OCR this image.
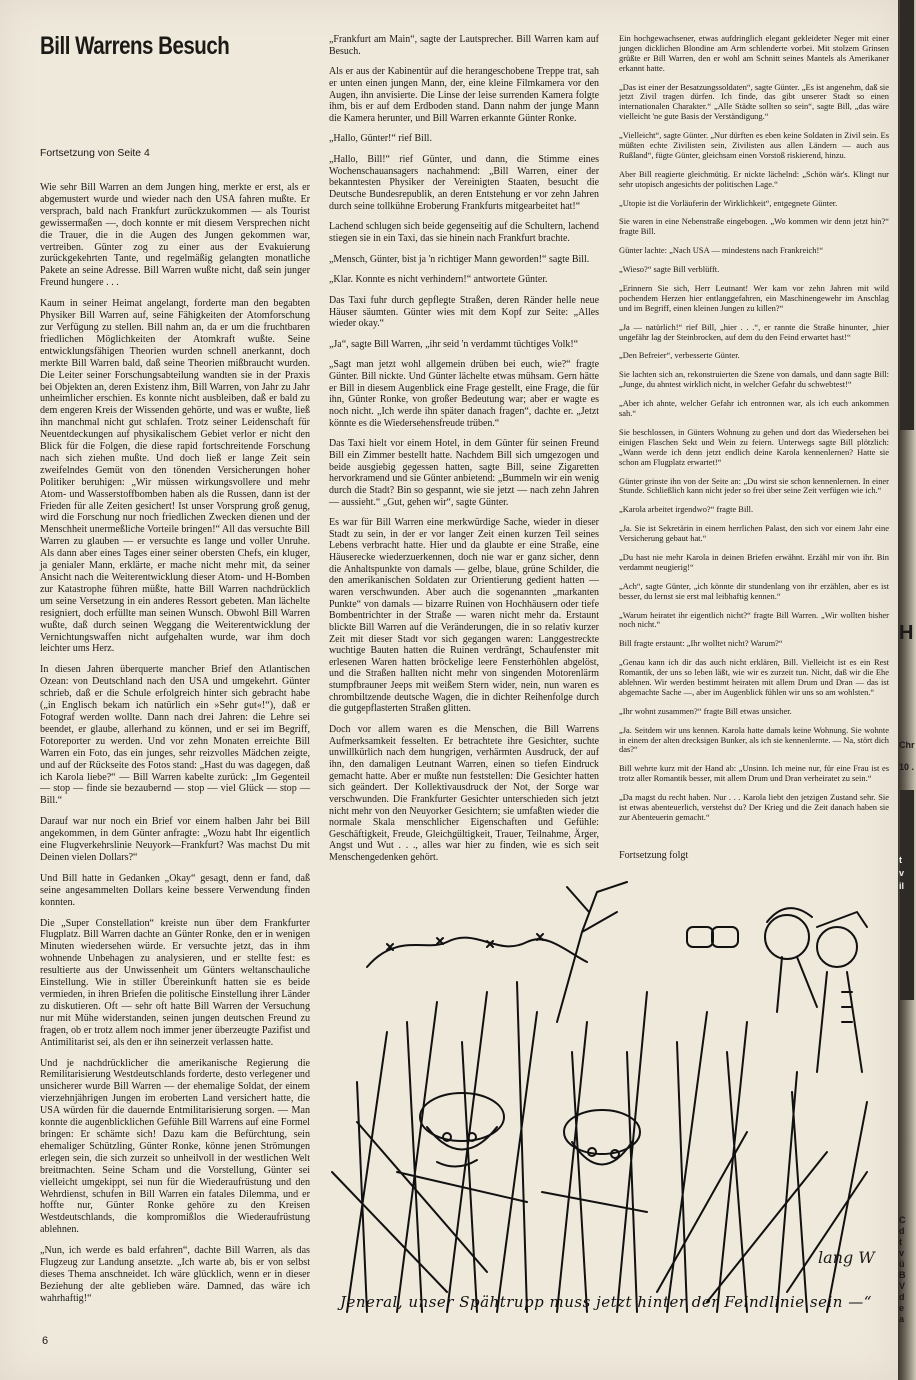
Bill Warrens Besuch
Fortsetzung von Seite 4

Wie sehr Bill Warren an dem Jungen hing, merkte er erst, als er abgemustert wurde und wieder nach den USA fahren mußte. Er versprach, bald nach Frankfurt zurückzukommen — als Tourist gewissermaßen —, doch konnte er mit diesem Versprechen nicht die Trauer, die in die Augen des Jungen gekommen war, vertreiben. Günter zog zu einer aus der Evakuierung zurückgekehrten Tante, und regelmäßig gelangten monatliche Pakete an seine Adresse. Bill Warren wußte nicht, daß sein junger Freund hungere . . .

Kaum in seiner Heimat angelangt, forderte man den begabten Physiker Bill Warren auf, seine Fähigkeiten der Atomforschung zur Verfügung zu stellen. Bill nahm an, da er um die fruchtbaren friedlichen Möglichkeiten der Atomkraft wußte. Seine entwicklungsfähigen Theorien wurden schnell anerkannt, doch merkte Bill Warren bald, daß seine Theorien mißbraucht wurden. Die Leiter seiner Forschungsabteilung wandten sie in der Praxis bei Objekten an, deren Existenz ihm, Bill Warren, von Jahr zu Jahr unheimlicher erschien. Es konnte nicht ausbleiben, daß er bald zu dem engeren Kreis der Wissenden gehörte, und was er wußte, ließ ihn manchmal nicht gut schlafen. Trotz seiner Leidenschaft für Neuentdeckungen auf physikalischem Gebiet verlor er nicht den Blick für die Folgen, die diese rapid fortschreitende Forschung nach sich ziehen mußte. Und doch ließ er lange Zeit sein zweifelndes Gemüt von den tönenden Versicherungen hoher Politiker beruhigen: „Wir müssen wirkungsvollere und mehr Atom- und Wasserstoffbomben haben als die Russen, dann ist der Frieden für alle Zeiten gesichert! Ist unser Vorsprung groß genug, wird die Forschung nur noch friedlichen Zwecken dienen und der Menschheit unermeßliche Vorteile bringen!“ All das versuchte Bill Warren zu glauben — er versuchte es lange und voller Unruhe. Als dann aber eines Tages einer seiner obersten Chefs, ein kluger, ja genialer Mann, erklärte, er mache nicht mehr mit, da seiner Ansicht nach die Weiterentwicklung dieser Atom- und H-Bomben zur Katastrophe führen müßte, hatte Bill Warren nachdrücklich um seine Versetzung in ein anderes Ressort gebeten. Man lächelte resigniert, doch erfüllte man seinen Wunsch. Obwohl Bill Warren wußte, daß durch seinen Weggang die Weiterentwicklung der Vernichtungswaffen nicht aufgehalten wurde, war ihm doch leichter ums Herz.

In diesen Jahren überquerte mancher Brief den Atlantischen Ozean: von Deutschland nach den USA und umgekehrt. Günter schrieb, daß er die Schule erfolgreich hinter sich gebracht habe („in Englisch bekam ich natürlich ein »Sehr gut«!“), daß er Fotograf werden wollte. Dann nach drei Jahren: die Lehre sei beendet, er glaube, allerhand zu können, und er sei im Begriff, Fotoreporter zu werden. Und vor zehn Monaten erreichte Bill Warren ein Foto, das ein junges, sehr reizvolles Mädchen zeigte, und auf der Rückseite des Fotos stand: „Hast du was dagegen, daß ich Karola liebe?“ — Bill Warren kabelte zurück: „Im Gegenteil — stop — finde sie bezaubernd — stop — viel Glück — stop — Bill.“

Darauf war nur noch ein Brief vor einem halben Jahr bei Bill angekommen, in dem Günter anfragte: „Wozu habt Ihr eigentlich eine Flugverkehrslinie Neuyork—Frankfurt? Was machst Du mit Deinen vielen Dollars?“

Und Bill hatte in Gedanken „Okay“ gesagt, denn er fand, daß seine angesammelten Dollars keine bessere Verwendung finden konnten.

Die „Super Constellation“ kreiste nun über dem Frankfurter Flugplatz. Bill Warren dachte an Günter Ronke, den er in wenigen Minuten wiedersehen würde. Er versuchte jetzt, das in ihm wohnende Unbehagen zu analysieren, und er stellte fest: es resultierte aus der Unwissenheit um Günters weltanschauliche Einstellung. Wie in stiller Übereinkunft hatten sie es beide vermieden, in ihren Briefen die politische Einstellung ihrer Länder zu diskutieren. Oft — sehr oft hatte Bill Warren der Versuchung nur mit Mühe widerstanden, seinen jungen deutschen Freund zu fragen, ob er trotz allem noch immer jener überzeugte Pazifist und Antimilitarist sei, als den er ihn seinerzeit verlassen hatte.

Und je nachdrücklicher die amerikanische Regierung die Remilitarisierung Westdeutschlands forderte, desto verlegener und unsicherer wurde Bill Warren — der ehemalige Soldat, der einem vierzehnjährigen Jungen im eroberten Land versichert hatte, die USA würden für die dauernde Entmilitarisierung sorgen. — Man konnte die augenblicklichen Gefühle Bill Warrens auf eine Formel bringen: Er schämte sich! Dazu kam die Befürchtung, sein ehemaliger Schützling, Günter Ronke, könne jenen Strömungen erlegen sein, die sich zurzeit so unheilvoll in der westlichen Welt breitmachten. Seine Scham und die Vorstellung, Günter sei vielleicht umgekippt, sei nun für die Wiederaufrüstung und den Wehrdienst, schufen in Bill Warren ein fatales Dilemma, und er hoffte nur, Günter Ronke gehöre zu den Kreisen Westdeutschlands, die kompromißlos die Wiederaufrüstung ablehnen.

„Nun, ich werde es bald erfahren“, dachte Bill Warren, als das Flugzeug zur Landung ansetzte. „Ich warte ab, bis er von selbst dieses Thema anschneidet. Ich wäre glücklich, wenn er in dieser Beziehung der alte geblieben wäre. Damned, das wäre ich wahrhaftig!“

„Frankfurt am Main“, sagte der Lautsprecher. Bill Warren kam auf Besuch.

Als er aus der Kabinentür auf die herangeschobene Treppe trat, sah er unten einen jungen Mann, der, eine kleine Filmkamera vor den Augen, ihn anvisierte. Die Linse der leise surrenden Kamera folgte ihm, bis er auf dem Erdboden stand. Dann nahm der junge Mann die Kamera herunter, und Bill Warren erkannte Günter Ronke.

„Hallo, Günter!“ rief Bill.

„Hallo, Bill!“ rief Günter, und dann, die Stimme eines Wochenschauansagers nachahmend: „Bill Warren, einer der bekanntesten Physiker der Vereinigten Staaten, besucht die Deutsche Bundesrepublik, an deren Entstehung er vor zehn Jahren durch seine tollkühne Eroberung Frankfurts mitgearbeitet hat!“

Lachend schlugen sich beide gegenseitig auf die Schultern, lachend stiegen sie in ein Taxi, das sie hinein nach Frankfurt brachte.

„Mensch, Günter, bist ja 'n richtiger Mann geworden!“ sagte Bill.

„Klar. Konnte es nicht verhindern!“ antwortete Günter.

Das Taxi fuhr durch gepflegte Straßen, deren Ränder helle neue Häuser säumten. Günter wies mit dem Kopf zur Seite: „Alles wieder okay.“

„Ja“, sagte Bill Warren, „ihr seid 'n verdammt tüchtiges Volk!“

„Sagt man jetzt wohl allgemein drüben bei euch, wie?“ fragte Günter. Bill nickte. Und Günter lächelte etwas mühsam. Gern hätte er Bill in diesem Augenblick eine Frage gestellt, eine Frage, die für ihn, Günter Ronke, von großer Bedeutung war; aber er wagte es noch nicht. „Ich werde ihn später danach fragen“, dachte er. „Jetzt könnte es die Wiedersehensfreude trüben.“

Das Taxi hielt vor einem Hotel, in dem Günter für seinen Freund Bill ein Zimmer bestellt hatte. Nachdem Bill sich umgezogen und beide ausgiebig gegessen hatten, sagte Bill, seine Zigaretten hervorkramend und sie Günter anbietend: „Bummeln wir ein wenig durch die Stadt? Bin so gespannt, wie sie jetzt — nach zehn Jahren — aussieht.“ „Gut, gehen wir“, sagte Günter.

Es war für Bill Warren eine merkwürdige Sache, wieder in dieser Stadt zu sein, in der er vor langer Zeit einen kurzen Teil seines Lebens verbracht hatte. Hier und da glaubte er eine Straße, eine Häuserecke wiederzuerkennen, doch nie war er ganz sicher, denn die Anhaltspunkte von damals — gelbe, blaue, grüne Schilder, die den amerikanischen Soldaten zur Orientierung gedient hatten — waren verschwunden. Aber auch die sogenannten „markanten Punkte“ von damals — bizarre Ruinen von Hochhäusern oder tiefe Bombentrichter in der Straße — waren nicht mehr da. Erstaunt blickte Bill Warren auf die Veränderungen, die in so relativ kurzer Zeit mit dieser Stadt vor sich gegangen waren: Langgestreckte wuchtige Bauten hatten die Ruinen verdrängt, Schaufenster mit erlesenen Waren hatten bröckelige leere Fensterhöhlen abgelöst, und die Straßen hallten nicht mehr von singenden Motorenlärm stumpfbrauner Jeeps mit weißem Stern wider, nein, nun waren es chrombiltzende deutsche Wagen, die in dichter Reihenfolge durch die gutgepflasterten Straßen glitten.

Doch vor allem waren es die Menschen, die Bill Warrens Aufmerksamkeit fesselten. Er betrachtete ihre Gesichter, suchte unwillkürlich nach dem hungrigen, verhärmten Ausdruck, der auf ihn, den damaligen Leutnant Warren, einen so tiefen Eindruck gemacht hatte. Aber er mußte nun feststellen: Die Gesichter hatten sich geändert. Der Kollektivausdruck der Not, der Sorge war verschwunden. Die Frankfurter Gesichter unterschieden sich jetzt nicht mehr von den Neuyorker Gesichtern; sie umfaßten wieder die normale Skala menschlicher Eigenschaften und Gefühle: Geschäftigkeit, Freude, Gleichgültigkeit, Trauer, Teilnahme, Ärger, Angst und Wut . . ., alles war hier zu finden, wie es sich seit Menschengedenken gehört.

Ein hochgewachsener, etwas aufdringlich elegant gekleideter Neger mit einer jungen dicklichen Blondine am Arm schlenderte vorbei. Mit stolzem Grinsen grüßte er Bill Warren, den er wohl am Schnitt seines Mantels als Amerikaner erkannt hatte.

„Das ist einer der Besatzungssoldaten“, sagte Günter. „Es ist angenehm, daß sie jetzt Zivil tragen dürfen. Ich finde, das gibt unserer Stadt so einen internationalen Charakter.“ „Alle Städte sollten so sein“, sagte Bill, „das wäre vielleicht 'ne gute Basis der Verständigung.“

„Vielleicht“, sagte Günter. „Nur dürften es eben keine Soldaten in Zivil sein. Es müßten echte Zivilisten sein, Zivilisten aus allen Ländern — auch aus Rußland“, fügte Günter, gleichsam einen Vorstoß riskierend, hinzu.

Aber Bill reagierte gleichmütig. Er nickte lächelnd: „Schön wär's. Klingt nur sehr utopisch angesichts der politischen Lage.“

„Utopie ist die Vorläuferin der Wirklichkeit“, entgegnete Günter.

Sie waren in eine Nebenstraße eingebogen. „Wo kommen wir denn jetzt hin?“ fragte Bill.

Günter lachte: „Nach USA — mindestens nach Frankreich!“

„Wieso?“ sagte Bill verblüfft.

„Erinnern Sie sich, Herr Leutnant! Wer kam vor zehn Jahren mit wild pochendem Herzen hier entlanggefahren, ein Maschinengewehr im Anschlag und im Begriff, einen kleinen Jungen zu killen?“

„Ja — natürlich!“ rief Bill, „hier . . .“, er rannte die Straße hinunter, „hier ungefähr lag der Steinbrocken, auf dem du den Feind erwartet hast!“

„Den Befreier“, verbesserte Günter.

Sie lachten sich an, rekonstruierten die Szene von damals, und dann sagte Bill: „Junge, du ahntest wirklich nicht, in welcher Gefahr du schwebtest!“

„Aber ich ahnte, welcher Gefahr ich entronnen war, als ich euch ankommen sah.“

Sie beschlossen, in Günters Wohnung zu gehen und dort das Wiedersehen bei einigen Flaschen Sekt und Wein zu feiern. Unterwegs sagte Bill plötzlich: „Wann werde ich denn jetzt endlich deine Karola kennenlernen? Hatte sie schon am Flugplatz erwartet!“

Günter grinste ihn von der Seite an: „Du wirst sie schon kennenlernen. In einer Stunde. Schließlich kann nicht jeder so frei über seine Zeit verfügen wie ich.“

„Karola arbeitet irgendwo?“ fragte Bill.

„Ja. Sie ist Sekretärin in einem herrlichen Palast, den sich vor einem Jahr eine Versicherung gebaut hat.“

„Du hast nie mehr Karola in deinen Briefen erwähnt. Erzähl mir von ihr. Bin verdammt neugierig!“

„Ach“, sagte Günter, „ich könnte dir stundenlang von ihr erzählen, aber es ist besser, du lernst sie erst mal leibhaftig kennen.“

„Warum heiratet ihr eigentlich nicht?“ fragte Bill Warren. „Wir wollten bisher noch nicht.“

Bill fragte erstaunt: „Ihr wolltet nicht? Warum?“

„Genau kann ich dir das auch nicht erklären, Bill. Vielleicht ist es ein Rest Romantik, der uns so leben läßt, wie wir es zurzeit tun. Nicht, daß wir die Ehe ablehnen. Wir werden bestimmt heiraten mit allem Drum und Dran — das ist abgemachte Sache —, aber im Augenblick fühlen wir uns so am wohlsten.“

„Ihr wohnt zusammen?“ fragte Bill etwas unsicher.

„Ja. Seitdem wir uns kennen. Karola hatte damals keine Wohnung. Sie wohnte in einem der alten drecksigen Bunker, als ich sie kennenlernte. — Na, stört dich das?“

Bill wehrte kurz mit der Hand ab: „Unsinn. Ich meine nur, für eine Frau ist es trotz aller Romantik besser, mit allem Drum und Dran verheiratet zu sein.“

„Da magst du recht haben. Nur . . . Karola liebt den jetzigen Zustand sehr. Sie ist etwas abenteuerlich, verstehst du? Der Krieg und die Zeit danach haben sie zur Abenteuerin gemacht.“

Fortsetzung folgt
lang W
Jeneral, unser Spähtrupp muss jetzt hinter der Feindlinie sein —“
6
H
Chr
10 .
C
d
t
v
ü
B
V
d
e
a
t
v
il
